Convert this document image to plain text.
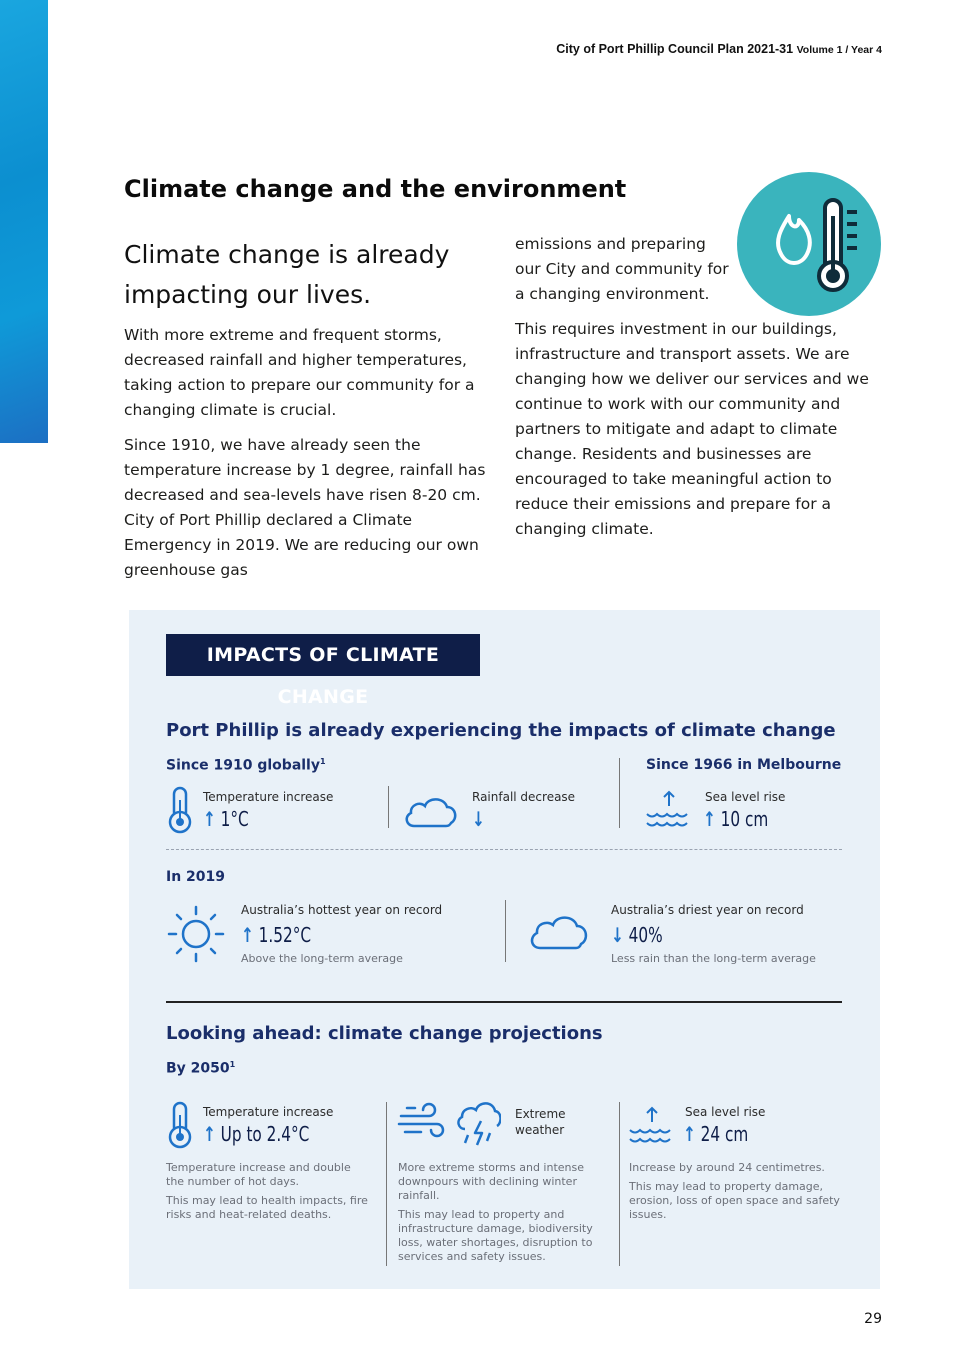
City of Port Phillip Council Plan 2021-31 Volume 1 / Year 4
Climate change and the environment

Climate change is already impacting our lives.

With more extreme and frequent storms, decreased rainfall and higher temperatures, taking action to prepare our community for a changing climate is crucial.

Since 1910, we have already seen the temperature increase by 1 degree, rainfall has decreased and sea-levels have risen 8-20 cm. City of Port Phillip declared a Climate Emergency in 2019. We are reducing our own greenhouse gas

emissions and preparing our City and community for a changing environment.

This requires investment in our buildings, infrastructure and transport assets. We are changing how we deliver our services and we continue to work with our community and partners to mitigate and adapt to climate change. Residents and businesses are encouraged to take meaningful action to reduce their emissions and prepare for a changing climate.

IMPACTS OF CLIMATE CHANGE
Port Phillip is already experiencing the impacts of climate change
Since 1910 globally$^1$	Since 1966 in Melbourne
Temperature increase
↑ 1°C
Rainfall decrease
↓
Sea level rise
↑ 10 cm
In 2019
Australia’s hottest year on record
↑ 1.52°C
Above the long-term average
Australia’s driest year on record
↓ 40%
Less rain than the long-term average
Looking ahead: climate change projections
By 2050$^1$
Temperature increase
↑ Up to 2.4°C
Temperature increase and double the number of hot days.
This may lead to health impacts, fire risks and heat-related deaths.
Extreme weather
More extreme storms and intense downpours with declining winter rainfall.
This may lead to property and infrastructure damage, biodiversity loss, water shortages, disruption to services and safety issues.
Sea level rise
↑ 24 cm
Increase by around 24 centimetres.
This may lead to property damage, erosion, loss of open space and safety issues.
29
